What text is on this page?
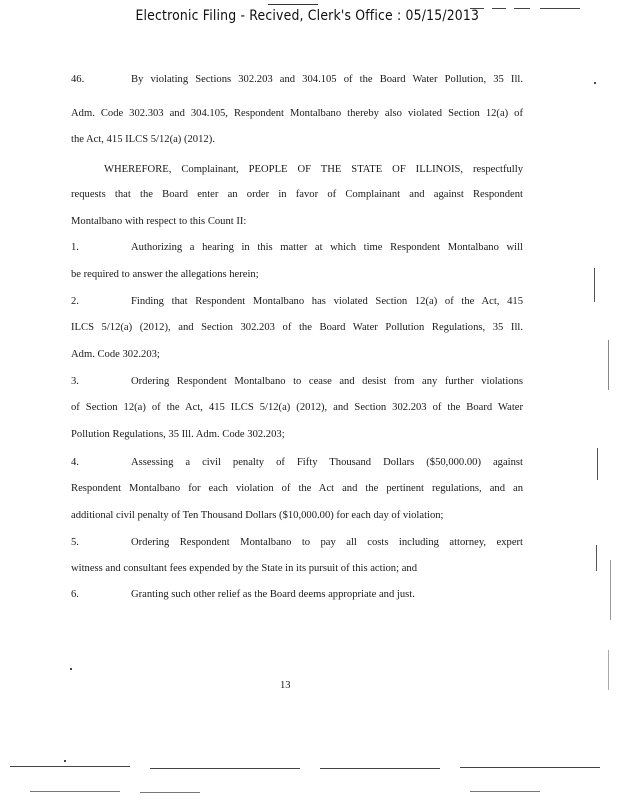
Electronic Filing - Recived, Clerk's Office : 05/15/2013
46.	By violating Sections 302.203 and 304.105 of the Board Water Pollution, 35 Ill.
Adm. Code 302.303 and 304.105, Respondent Montalbano thereby also violated Section 12(a) of
the Act, 415 ILCS 5/12(a) (2012).
WHEREFORE, Complainant, PEOPLE OF THE STATE OF ILLINOIS, respectfully
requests that the Board enter an order in favor of Complainant and against Respondent
Montalbano with respect to this Count II:
1.	Authorizing a hearing in this matter at which time Respondent Montalbano will
be required to answer the allegations herein;
2.	Finding that Respondent Montalbano has violated Section 12(a) of the Act, 415
ILCS 5/12(a) (2012), and Section 302.203 of the Board Water Pollution Regulations, 35 Ill.
Adm. Code 302.203;
3.	Ordering Respondent Montalbano to cease and desist from any further violations
of Section 12(a) of the Act, 415 ILCS 5/12(a) (2012), and Section 302.203 of the Board Water
Pollution Regulations, 35 Ill. Adm. Code 302.203;
4.	Assessing a civil penalty of Fifty Thousand Dollars ($50,000.00) against
Respondent Montalbano for each violation of the Act and the pertinent regulations, and an
additional civil penalty of Ten Thousand Dollars ($10,000.00) for each day of violation;
5.	Ordering Respondent Montalbano to pay all costs including attorney, expert
witness and consultant fees expended by the State in its pursuit of this action; and
6.	Granting such other relief as the Board deems appropriate and just.
13
